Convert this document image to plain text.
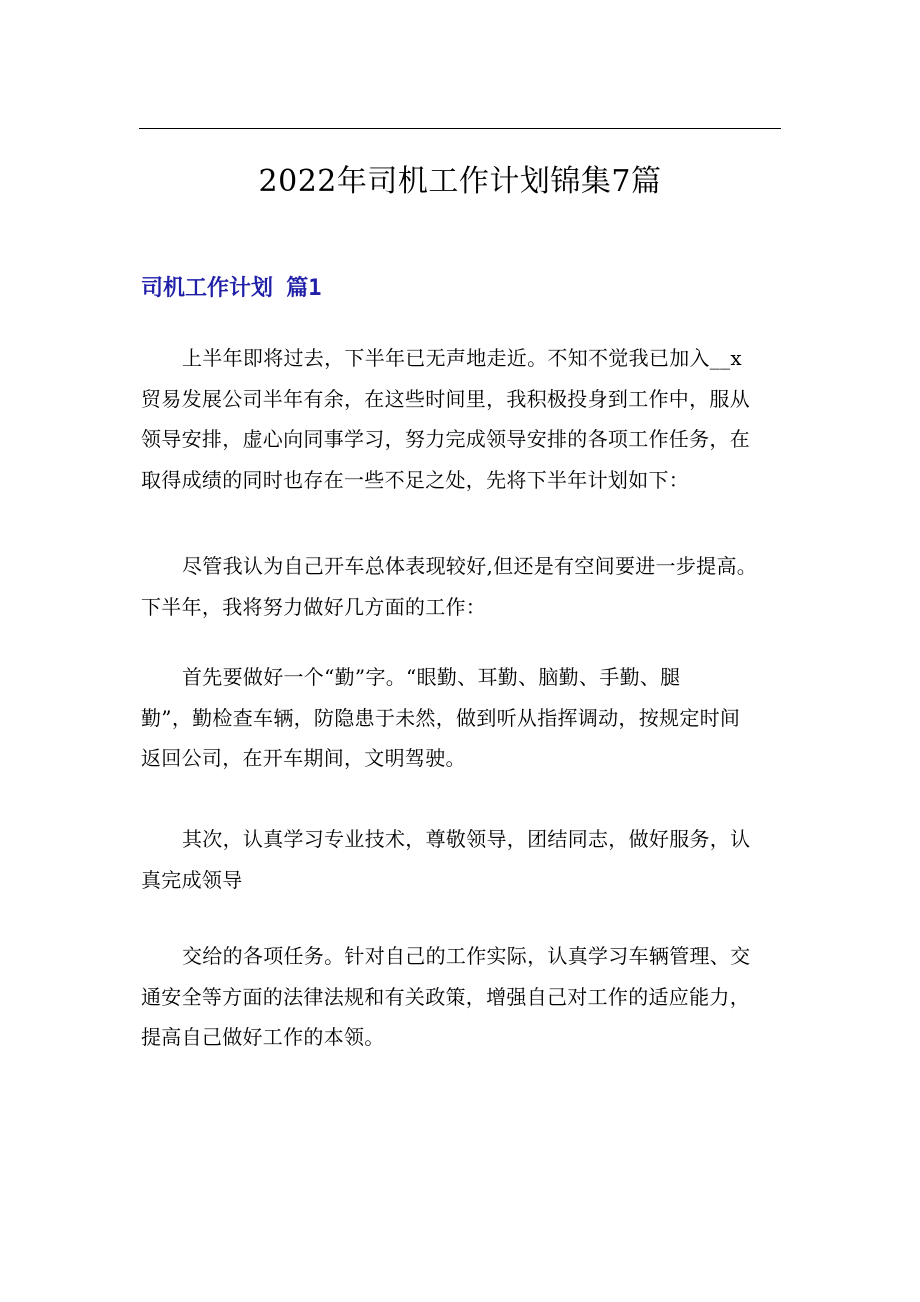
2022年司机工作计划锦集7篇
司机工作计划 篇1
上半年即将过去，下半年已无声地走近。不知不觉我已加入__x
贸易发展公司半年有余，在这些时间里，我积极投身到工作中，服从
领导安排，虚心向同事学习，努力完成领导安排的各项工作任务，在
取得成绩的同时也存在一些不足之处，先将下半年计划如下：
尽管我认为自己开车总体表现较好,但还是有空间要进一步提高。
下半年，我将努力做好几方面的工作：
首先要做好一个“勤”字。“眼勤、耳勤、脑勤、手勤、腿
勤”，勤检查车辆，防隐患于未然，做到听从指挥调动，按规定时间
返回公司，在开车期间，文明驾驶。
其次，认真学习专业技术，尊敬领导，团结同志，做好服务，认
真完成领导
交给的各项任务。针对自己的工作实际，认真学习车辆管理、交
通安全等方面的法律法规和有关政策，增强自己对工作的适应能力，
提高自己做好工作的本领。
